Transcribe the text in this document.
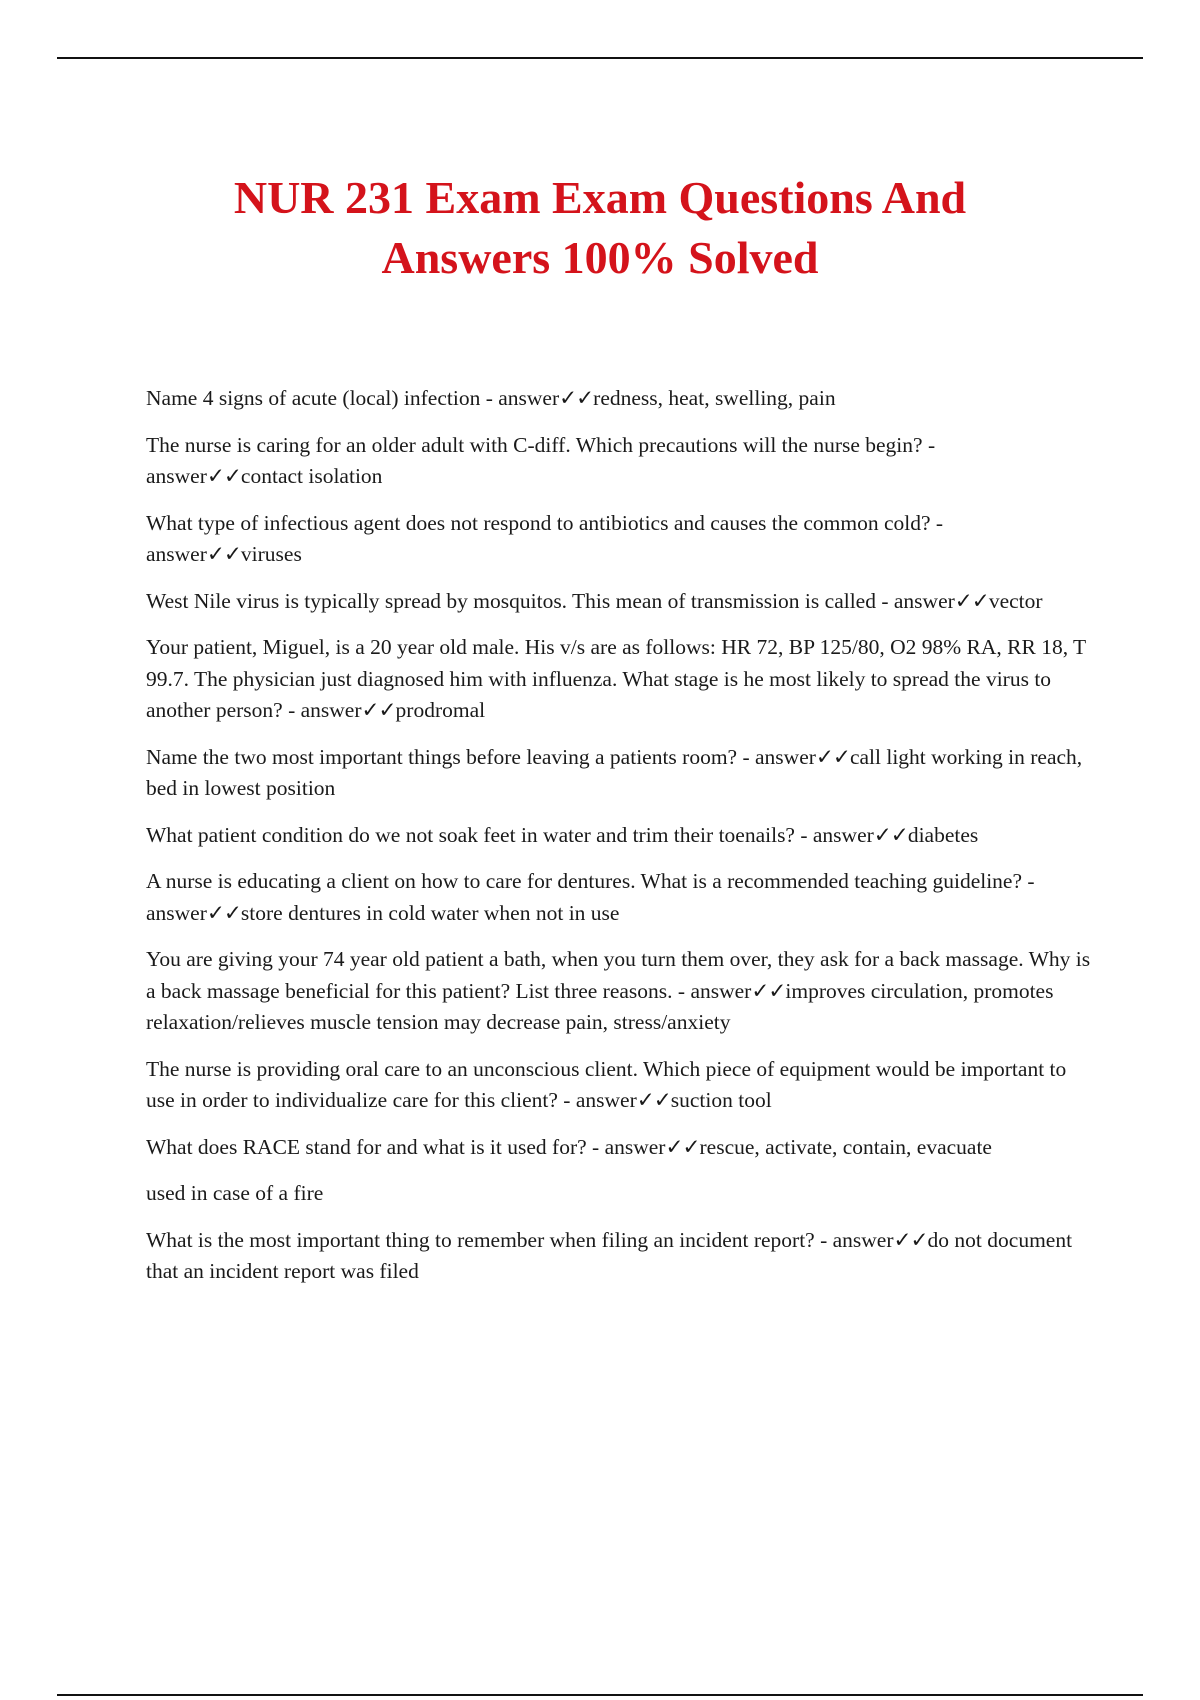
NUR 231 Exam Exam Questions And
Answers 100% Solved
Name 4 signs of acute (local) infection - answer✓✓redness, heat, swelling, pain
The nurse is caring for an older adult with C-diff. Which precautions will the nurse begin? - answer✓✓contact isolation
What type of infectious agent does not respond to antibiotics and causes the common cold? - answer✓✓viruses
West Nile virus is typically spread by mosquitos. This mean of transmission is called - answer✓✓vector
Your patient, Miguel, is a 20 year old male. His v/s are as follows: HR 72, BP 125/80, O2 98% RA, RR 18, T 99.7. The physician just diagnosed him with influenza. What stage is he most likely to spread the virus to another person? - answer✓✓prodromal
Name the two most important things before leaving a patients room? - answer✓✓call light working in reach, bed in lowest position
What patient condition do we not soak feet in water and trim their toenails? - answer✓✓diabetes
A nurse is educating a client on how to care for dentures. What is a recommended teaching guideline? - answer✓✓store dentures in cold water when not in use
You are giving your 74 year old patient a bath, when you turn them over, they ask for a back massage. Why is a back massage beneficial for this patient? List three reasons. - answer✓✓improves circulation, promotes relaxation/relieves muscle tension may decrease pain, stress/anxiety
The nurse is providing oral care to an unconscious client. Which piece of equipment would be important to use in order to individualize care for this client? - answer✓✓suction tool
What does RACE stand for and what is it used for? - answer✓✓rescue, activate, contain, evacuate
used in case of a fire
What is the most important thing to remember when filing an incident report? - answer✓✓do not document that an incident report was filed
